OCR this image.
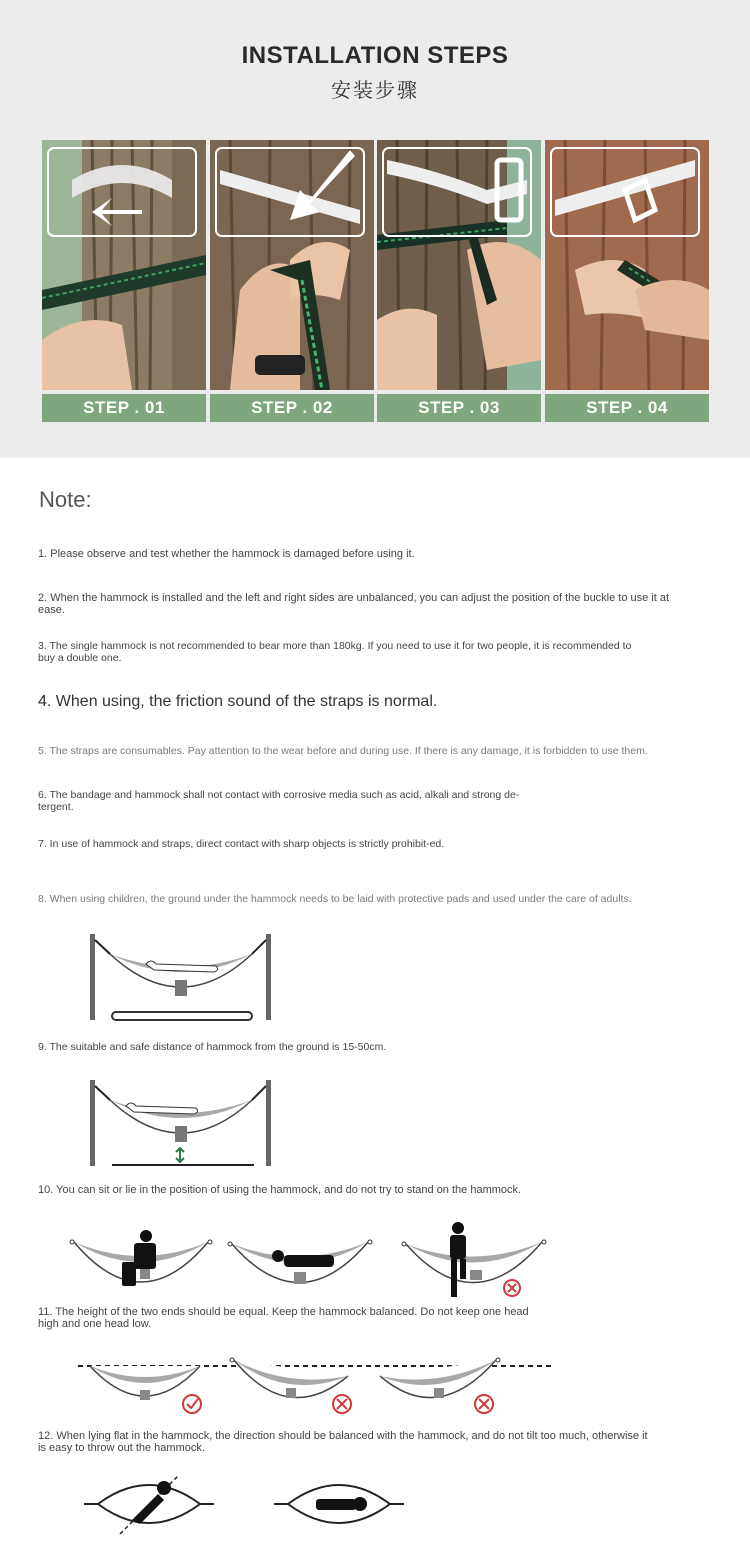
INSTALLATION STEPS
安装步骤
STEP . 01	STEP . 02	STEP . 03	STEP . 04
Note:
1. Please observe and test whether the hammock is damaged before using it.
2. When the hammock is installed and the left and right sides are unbalanced, you can adjust the position of the buckle to use it at ease.
3. The single hammock is not recommended to bear more than 180kg. If you need to use it for two people, it is recommended to buy a double one.
4. When using, the friction sound of the straps is normal.
5. The straps are consumables. Pay attention to the wear before and during use. If there is any damage, it is forbidden to use them.
6. The bandage and hammock shall not contact with corrosive media such as acid, alkali and strong de-tergent.
7. In use of hammock and straps, direct contact with sharp objects is strictly prohibit-ed.
8. When using children, the ground under the hammock needs to be laid with protective pads and used under the care of adults.
9. The suitable and safe distance of hammock from the ground is 15-50cm.
10. You can sit or lie in the position of using the hammock, and do not try to stand on the hammock.
11. The height of the two ends should be equal. Keep the hammock balanced. Do not keep one head high and one head low.
12. When lying flat in the hammock, the direction should be balanced with the hammock, and do not tilt too much, otherwise it is easy to throw out the hammock.
